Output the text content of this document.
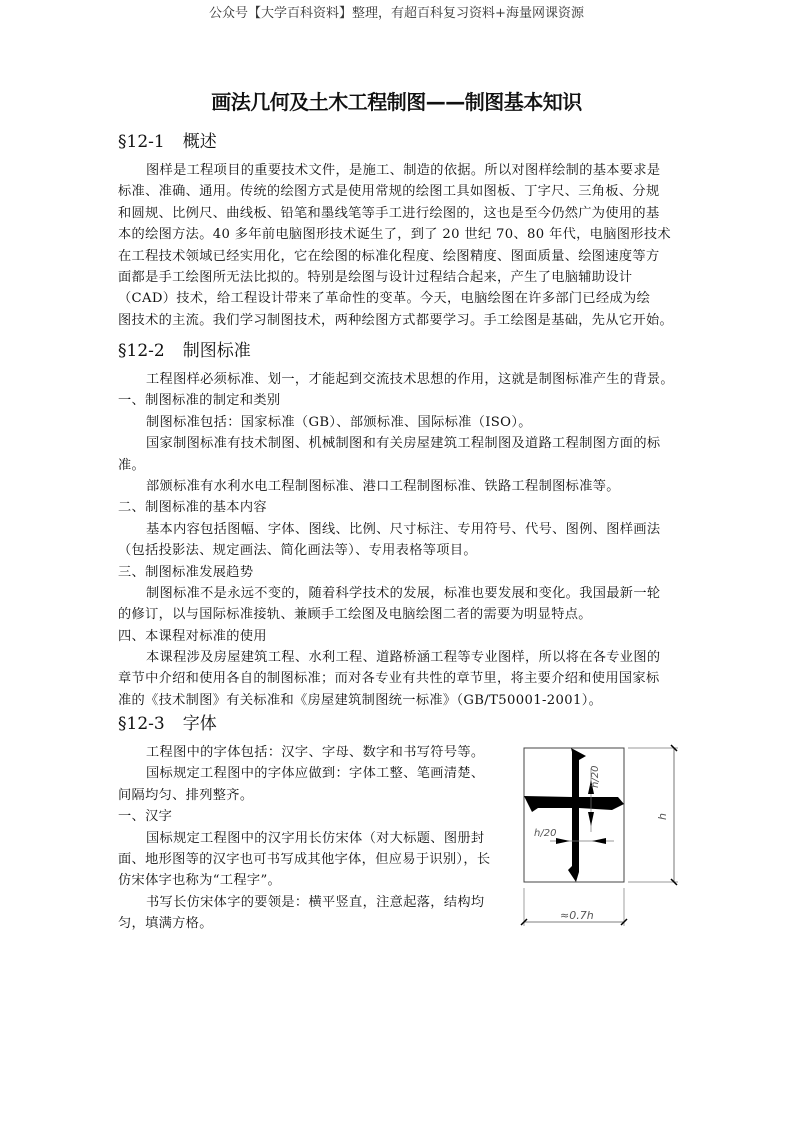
公众号【大学百科资料】整理，有超百科复习资料+海量网课资源
画法几何及土木工程制图——制图基本知识
§12-1 概述
图样是工程项目的重要技术文件，是施工、制造的依据。所以对图样绘制的基本要求是
标准、准确、通用。传统的绘图方式是使用常规的绘图工具如图板、丁字尺、三角板、分规
和圆规、比例尺、曲线板、铅笔和墨线笔等手工进行绘图的，这也是至今仍然广为使用的基
本的绘图方法。40 多年前电脑图形技术诞生了，到了 20 世纪 70、80 年代，电脑图形技术
在工程技术领域已经实用化，它在绘图的标准化程度、绘图精度、图面质量、绘图速度等方
面都是手工绘图所无法比拟的。特别是绘图与设计过程结合起来，产生了电脑辅助设计
（CAD）技术，给工程设计带来了革命性的变革。今天，电脑绘图在许多部门已经成为绘
图技术的主流。我们学习制图技术，两种绘图方式都要学习。手工绘图是基础，先从它开始。
§12-2 制图标准
工程图样必须标准、划一，才能起到交流技术思想的作用，这就是制图标准产生的背景。
一、制图标准的制定和类别
制图标准包括：国家标准（GB）、部颁标准、国际标准（ISO）。
国家制图标准有技术制图、机械制图和有关房屋建筑工程制图及道路工程制图方面的标
准。
部颁标准有水利水电工程制图标准、港口工程制图标准、铁路工程制图标准等。
二、制图标准的基本内容
基本内容包括图幅、字体、图线、比例、尺寸标注、专用符号、代号、图例、图样画法
（包括投影法、规定画法、简化画法等）、专用表格等项目。
三、制图标准发展趋势
制图标准不是永远不变的，随着科学技术的发展，标准也要发展和变化。我国最新一轮
的修订，以与国际标准接轨、兼顾手工绘图及电脑绘图二者的需要为明显特点。
四、本课程对标准的使用
本课程涉及房屋建筑工程、水利工程、道路桥涵工程等专业图样，所以将在各专业图的
章节中介绍和使用各自的制图标准；而对各专业有共性的章节里，将主要介绍和使用国家标
准的《技术制图》有关标准和《房屋建筑制图统一标准》（GB/T50001-2001）。
§12-3 字体
工程图中的字体包括：汉字、字母、数字和书写符号等。
国标规定工程图中的字体应做到：字体工整、笔画清楚、
间隔均匀、排列整齐。
一、汉字
国标规定工程图中的汉字用长仿宋体（对大标题、图册封
面、地形图等的汉字也可书写成其他字体，但应易于识别），长
仿宋体字也称为“工程字”。
书写长仿宋体字的要领是：横平竖直，注意起落，结构均
匀，填满方格。
h/20
h/20
h
≈0.7h
